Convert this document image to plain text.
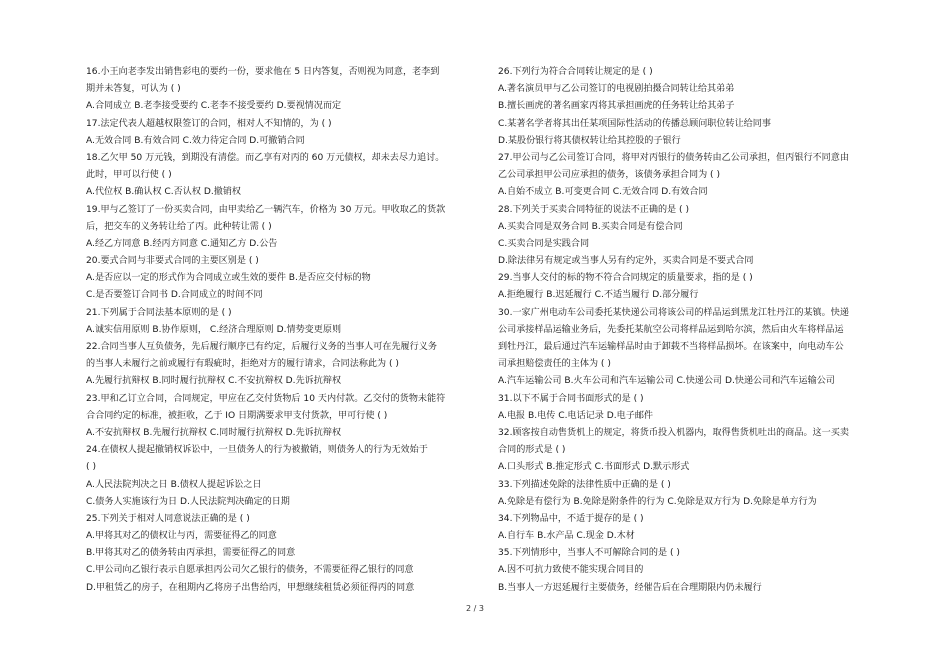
16.小王向老李发出销售彩电的要约一份，要求他在 5 日内答复，否则视为同意，老李到
期并未答复，可认为 ( )
A.合同成立 B.老李接受要约 C.老李不接受要约 D.要视情况而定
17.法定代表人超越权限签订的合同，相对人不知情的，为 ( )
A.无效合同 B.有效合同 C.效力待定合同 D.可撤销合同
18.乙欠甲 50 万元钱，到期没有清偿。而乙享有对丙的 60 万元债权，却未去尽力追讨。
此时，甲可以行使 ( )
A.代位权 B.确认权 C.否认权 D.撤销权
19.甲与乙签订了一份买卖合同，由甲卖给乙一辆汽车，价格为 30 万元。甲收取乙的货款
后，把交车的义务转让给了丙。此种转让需 ( )
A.经乙方同意 B.经丙方同意 C.通知乙方 D.公告
20.要式合同与非要式合同的主要区别是 ( )
A.是否应以一定的形式作为合同成立或生效的要件 B.是否应交付标的物
C.是否要签订合同书 D.合同成立的时间不同
21.下列属于合同法基本原则的是 ( )
A.诚实信用原则 B.协作原则， C.经济合理原则 D.情势变更原则
22.合同当事人互负债务，先后履行顺序已有约定，后履行义务的当事人可在先履行义务
的当事人未履行之前或履行有瑕疵时，拒绝对方的履行请求，合同法称此为 ( )
A.先履行抗辩权 B.同时履行抗辩权 C.不安抗辩权 D.先诉抗辩权
23.甲和乙订立合同，合同规定，甲应在乙交付货物后 10 天内付款。乙交付的货物未能符
合合同约定的标准，被拒收，乙于 IO 日期满要求甲支付货款，甲可行使 ( )
A.不安抗辩权 B.先履行抗辩权 C.同时履行抗辩权 D.先诉抗辩权
24.在债权人提起撤销权诉讼中，一旦债务人的行为被撤销，则债务人的行为无效始于
( )
A.人民法院判决之日 B.债权人提起诉讼之日
C.债务人实施该行为日 D.人民法院判决确定的日期
25.下列关于相对人同意说法正确的是 ( )
A.甲将其对乙的债权让与丙，需要征得乙的同意
B.甲将其对乙的债务转由丙承担，需要征得乙的同意
C.甲公司向乙银行表示自愿承担丙公司欠乙银行的债务，不需要征得乙银行的同意
D.甲租赁乙的房子，在租期内乙将房子出售给丙，甲想继续租赁必须征得丙的同意
26.下列行为符合合同转让规定的是 ( )
A.著名演员甲与乙公司签订的电视剧拍摄合同转让给其弟弟
B.擅长画虎的著名画家丙将其承担画虎的任务转让给其弟子
C.某著名学者将其出任某项国际性活动的传播总顾问职位转让给同事
D.某股份银行将其债权转让给其控股的子银行
27.甲公司与乙公司签订合同，将甲对丙银行的债务转由乙公司承担，但丙银行不同意由
乙公司承担甲公司应承担的债务，该债务承担合同为 ( )
A.自始不成立 B.可变更合同 C.无效合同 D.有效合同
28.下列关于买卖合同特征的说法不正确的是 ( )
A.买卖合同是双务合同 B.买卖合同是有偿合同
C.买卖合同是实践合同
D.除法律另有规定或当事人另有约定外，买卖合同是不要式合同
29.当事人交付的标的物不符合合同规定的质量要求，指的是 ( )
A.拒绝履行 B.迟延履行 C.不适当履行 D.部分履行
30.一家广州电动车公司委托某快递公司将该公司的样品运到黑龙江牡丹江的某镇。快递
公司承接样品运输业务后，先委托某航空公司将样品运到哈尔滨，然后由火车将样品运
到牡丹江，最后通过汽车运输样品时由于卸载不当将样品损坏。在该案中，向电动车公
司承担赔偿责任的主体为 ( )
A.汽车运输公司 B.火车公司和汽车运输公司 C.快递公司 D.快递公司和汽车运输公司
31.以下不属于合同书面形式的是 ( )
A.电报 B.电传 C.电话记录 D.电子邮件
32.顾客按自动售货机上的规定，将货币投入机器内，取得售货机吐出的商品。这一买卖
合同的形式是 ( )
A.口头形式 B.推定形式 C.书面形式 D.默示形式
33.下列描述免除的法律性质中正确的是 ( )
A.免除是有偿行为 B.免除是附条件的行为 C.免除是双方行为 D.免除是单方行为
34.下列物品中，不适于提存的是 ( )
A.自行车 B.水产品 C.现金 D.木材
35.下列情形中，当事人不可解除合同的是 ( )
A.因不可抗力致使不能实现合同目的
B.当事人一方迟延履行主要债务，经催告后在合理期限内仍未履行
2 / 3
